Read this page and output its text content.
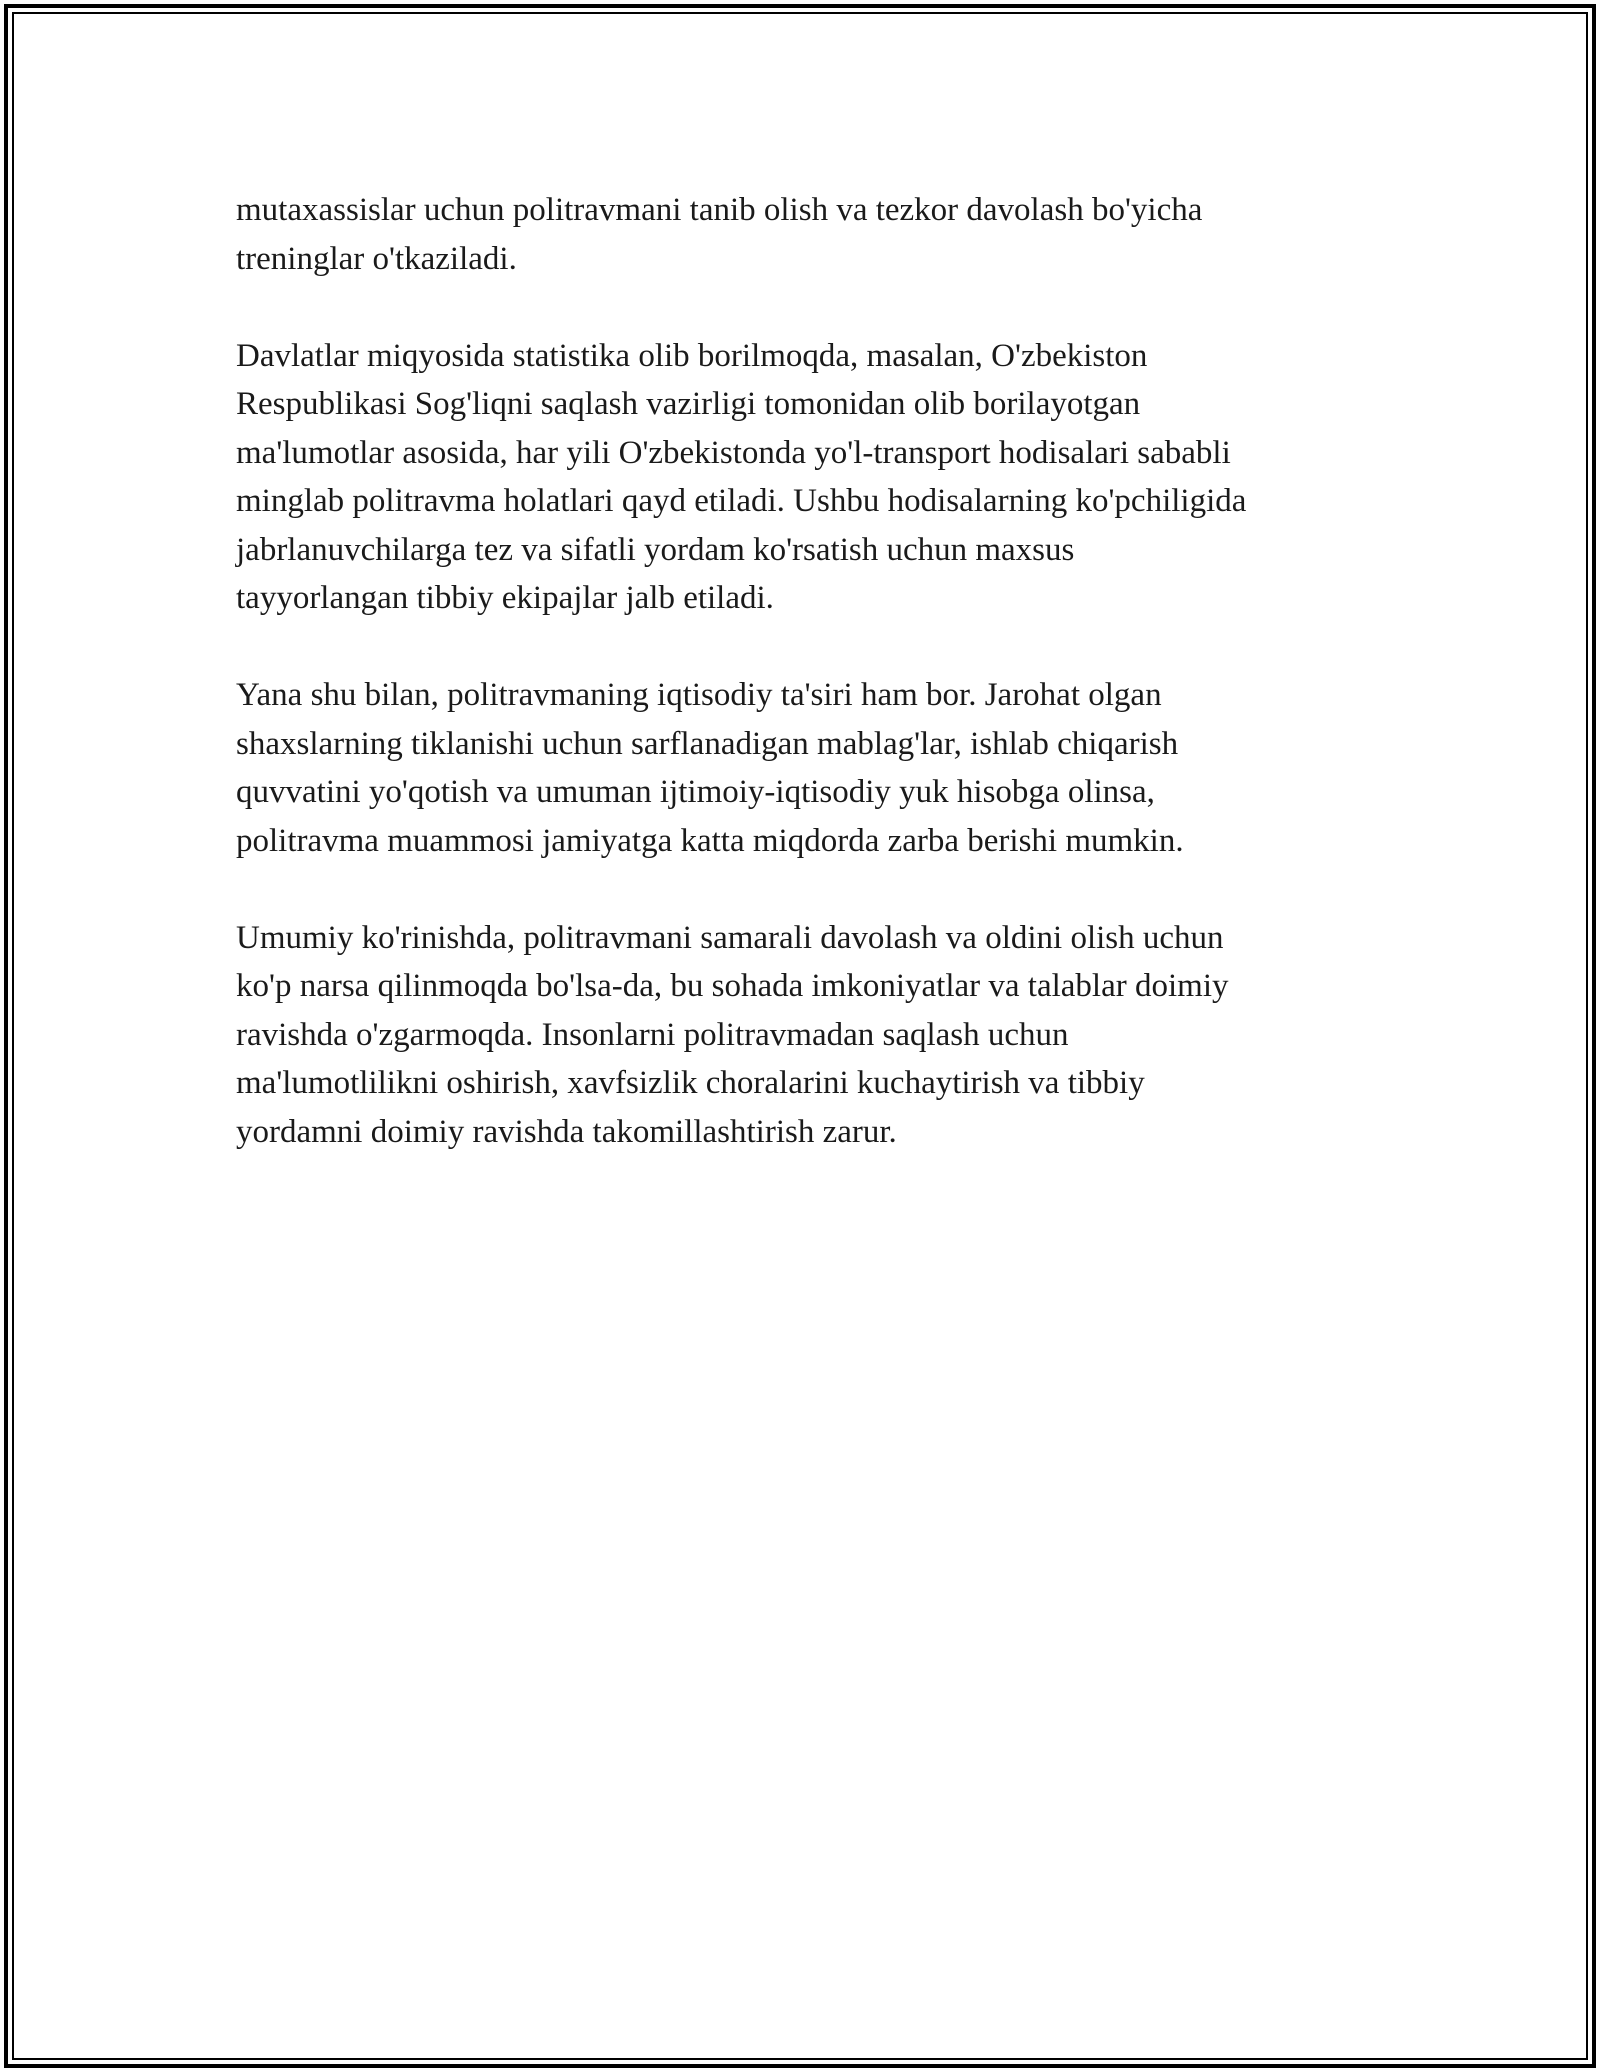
mutaxassislar uchun politravmani tanib olish va tezkor davolash bo'yicha
treninglar o'tkaziladi.

Davlatlar miqyosida statistika olib borilmoqda, masalan, O'zbekiston
Respublikasi Sog'liqni saqlash vazirligi tomonidan olib borilayotgan
ma'lumotlar asosida, har yili O'zbekistonda yo'l-transport hodisalari sababli
minglab politravma holatlari qayd etiladi. Ushbu hodisalarning ko'pchiligida
jabrlanuvchilarga tez va sifatli yordam ko'rsatish uchun maxsus
tayyorlangan tibbiy ekipajlar jalb etiladi.

Yana shu bilan, politravmaning iqtisodiy ta'siri ham bor. Jarohat olgan
shaxslarning tiklanishi uchun sarflanadigan mablag'lar, ishlab chiqarish
quvvatini yo'qotish va umuman ijtimoiy-iqtisodiy yuk hisobga olinsa,
politravma muammosi jamiyatga katta miqdorda zarba berishi mumkin.

Umumiy ko'rinishda, politravmani samarali davolash va oldini olish uchun
ko'p narsa qilinmoqda bo'lsa-da, bu sohada imkoniyatlar va talablar doimiy
ravishda o'zgarmoqda. Insonlarni politravmadan saqlash uchun
ma'lumotlilikni oshirish, xavfsizlik choralarini kuchaytirish va tibbiy
yordamni doimiy ravishda takomillashtirish zarur.
